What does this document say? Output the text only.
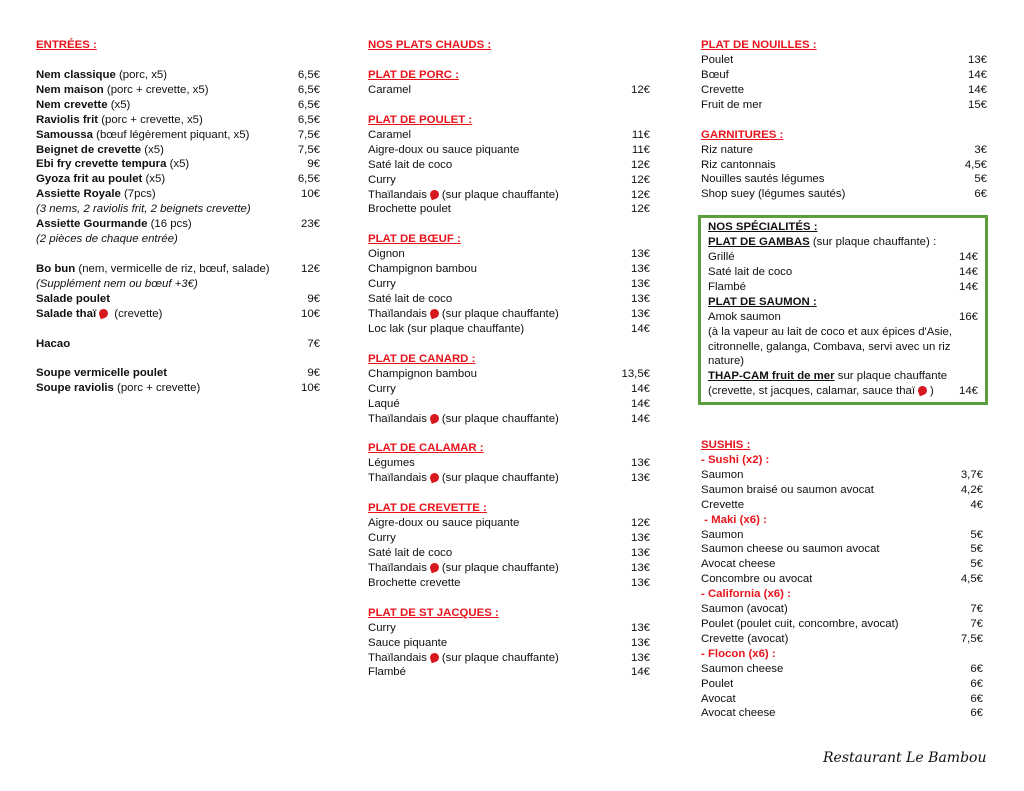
ENTRÉES :
Nem classique (porc, x5)	6,5€
Nem maison (porc + crevette, x5)	6,5€
Nem crevette (x5)	6,5€
Raviolis frit (porc + crevette, x5)	6,5€
Samoussa (bœuf légèrement piquant, x5)	7,5€
Beignet de crevette (x5)	7,5€
Ebi fry crevette tempura (x5)	9€
Gyoza frit au poulet (x5)	6,5€
Assiette Royale (7pcs)	10€
(3 nems, 2 raviolis frit, 2 beignets crevette)
Assiette Gourmande (16 pcs)	23€
(2 pièces de chaque entrée)
Bo bun (nem, vermicelle de riz, bœuf, salade)	12€
(Supplément nem ou bœuf +3€)
Salade poulet	9€
Salade thaï (crevette)	10€
Hacao	7€
Soupe vermicelle poulet	9€
Soupe raviolis (porc + crevette)	10€
NOS PLATS CHAUDS :
PLAT DE PORC :
Caramel	12€
PLAT DE POULET :
Caramel	11€
Aigre-doux ou sauce piquante	11€
Saté lait de coco	12€
Curry	12€
Thaïlandais (sur plaque chauffante)	12€
Brochette poulet	12€
PLAT DE BŒUF :
Oignon	13€
Champignon bambou	13€
Curry	13€
Saté lait de coco	13€
Thaïlandais (sur plaque chauffante)	13€
Loc lak (sur plaque chauffante)	14€
PLAT DE CANARD :
Champignon bambou	13,5€
Curry	14€
Laqué	14€
Thaïlandais (sur plaque chauffante)	14€
PLAT DE CALAMAR :
Légumes	13€
Thaïlandais (sur plaque chauffante)	13€
PLAT DE CREVETTE :
Aigre-doux ou sauce piquante	12€
Curry	13€
Saté lait de coco	13€
Thaïlandais (sur plaque chauffante)	13€
Brochette crevette	13€
PLAT DE ST JACQUES :
Curry	13€
Sauce piquante	13€
Thaïlandais (sur plaque chauffante)	13€
Flambé	14€
PLAT DE NOUILLES :
Poulet	13€
Bœuf	14€
Crevette	14€
Fruit de mer	15€
GARNITURES :
Riz nature	3€
Riz cantonnais	4,5€
Nouilles sautés légumes	5€
Shop suey (légumes sautés)	6€
NOS SPÉCIALITÉS :
PLAT DE GAMBAS (sur plaque chauffante) :
Grillé	14€
Saté lait de coco	14€
Flambé	14€
PLAT DE SAUMON :
Amok saumon	16€
(à la vapeur au lait de coco et aux épices d'Asie,
citronnelle, galanga, Combava, servi avec un riz
nature)
THAP-CAM fruit de mer sur plaque chauffante
(crevette, st jacques, calamar, sauce thaï )	14€
SUSHIS :
- Sushi (x2) :
Saumon	3,7€
Saumon braisé ou saumon avocat	4,2€
Crevette	4€
- Maki (x6) :
Saumon	5€
Saumon cheese ou saumon avocat	5€
Avocat cheese	5€
Concombre ou avocat	4,5€
- California (x6) :
Saumon (avocat)	7€
Poulet (poulet cuit, concombre, avocat)	7€
Crevette (avocat)	7,5€
- Flocon (x6) :
Saumon cheese	6€
Poulet	6€
Avocat	6€
Avocat cheese	6€
Restaurant Le Bambou
